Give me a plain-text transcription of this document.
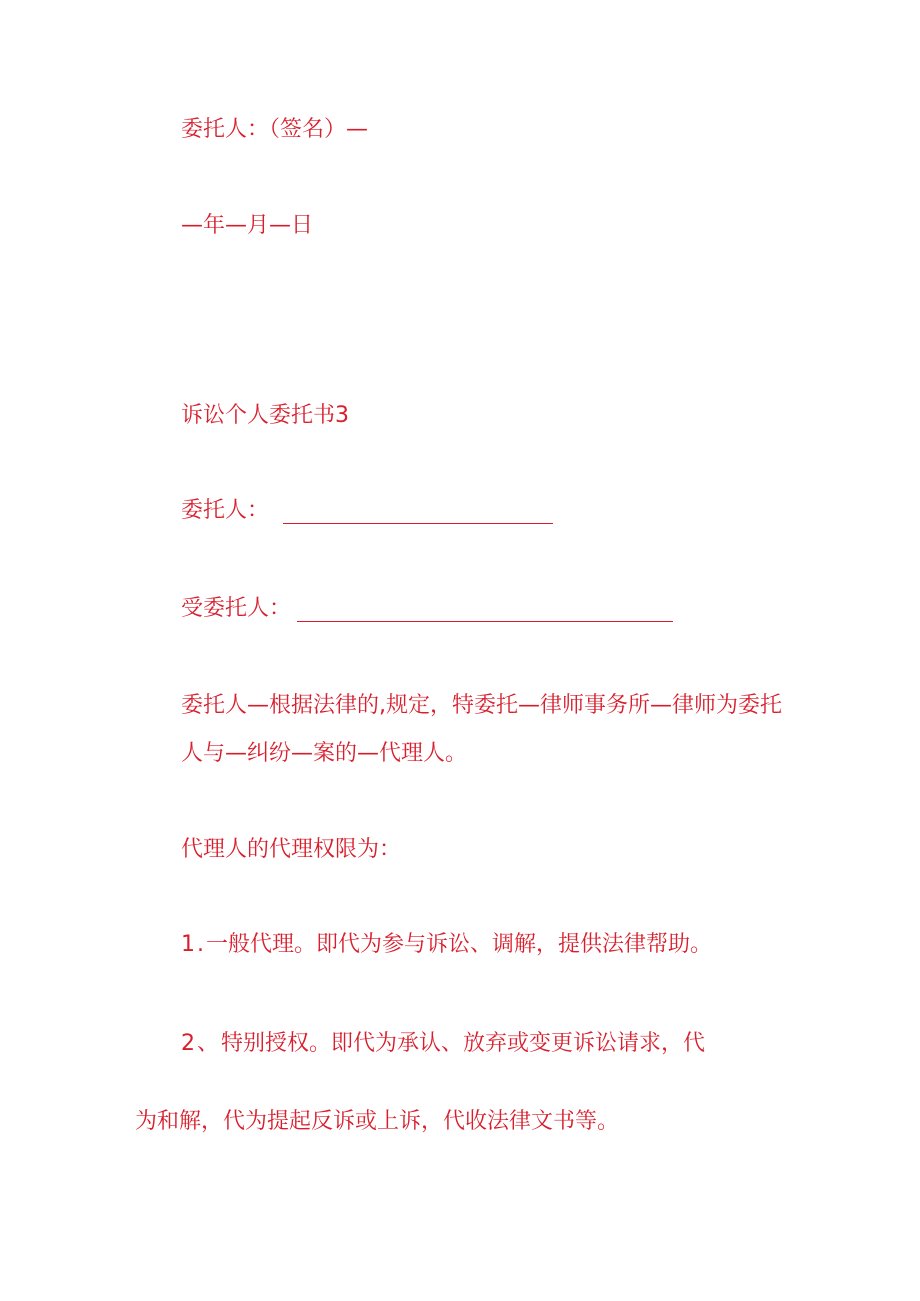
委托人：（签名）—

—年—月—日

诉讼个人委托书3

委托人：
受委托人：

委托人—根据法律的,规定，特委托—律师事务所—律师为委托

人与—纠纷—案的—代理人。

代理人的代理权限为：

1.一般代理。即代为参与诉讼、调解，提供法律帮助。
2、特别授权。即代为承认、放弃或变更诉讼请求，代

为和解，代为提起反诉或上诉，代收法律文书等。
